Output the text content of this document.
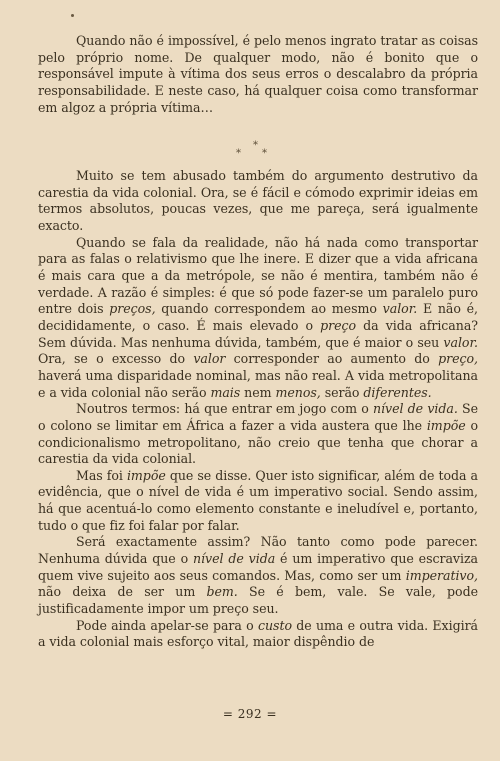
Quando não é impossível, é pelo menos ingrato tratar as coisas pelo próprio nome. De qualquer modo, não é bonito que o responsável impute à vítima dos seus erros o descalabro da própria responsabilidade. E neste caso, há qualquer coisa como transformar em algoz a própria vítima…

*
* *

Muito se tem abusado também do argumento destrutivo da carestia da vida colonial. Ora, se é fácil e cómodo exprimir ideias em termos absolutos, poucas vezes, que me pareça, será igualmente exacto.

Quando se fala da realidade, não há nada como transportar para as falas o relativismo que lhe inere. E dizer que a vida africana é mais cara que a da metrópole, se não é mentira, também não é verdade. A razão é simples: é que só pode fazer-se um paralelo puro entre dois preços, quando correspondem ao mesmo valor. E não é, decididamente, o caso. É mais elevado o preço da vida africana? Sem dúvida. Mas nenhuma dúvida, também, que é maior o seu valor. Ora, se o excesso do valor corresponder ao aumento do preço, haverá uma disparidade nominal, mas não real. A vida metropolitana e a vida colonial não serão mais nem menos, serão diferentes.

Noutros termos: há que entrar em jogo com o nível de vida. Se o colono se limitar em África a fazer a vida austera que lhe impõe o condicionalismo metropolitano, não creio que tenha que chorar a carestia da vida colonial.

Mas foi impõe que se disse. Quer isto significar, além de toda a evidência, que o nível de vida é um imperativo social. Sendo assim, há que acentuá-lo como elemento constante e ineludível e, portanto, tudo o que fiz foi falar por falar.

Será exactamente assim? Não tanto como pode parecer. Nenhuma dúvida que o nível de vida é um imperativo que escraviza quem vive sujeito aos seus comandos. Mas, como ser um imperativo, não deixa de ser um bem. Se é bem, vale. Se vale, pode justificadamente impor um preço seu.

Pode ainda apelar-se para o custo de uma e outra vida. Exigirá a vida colonial mais esforço vital, maior dispêndio de

= 292 =
